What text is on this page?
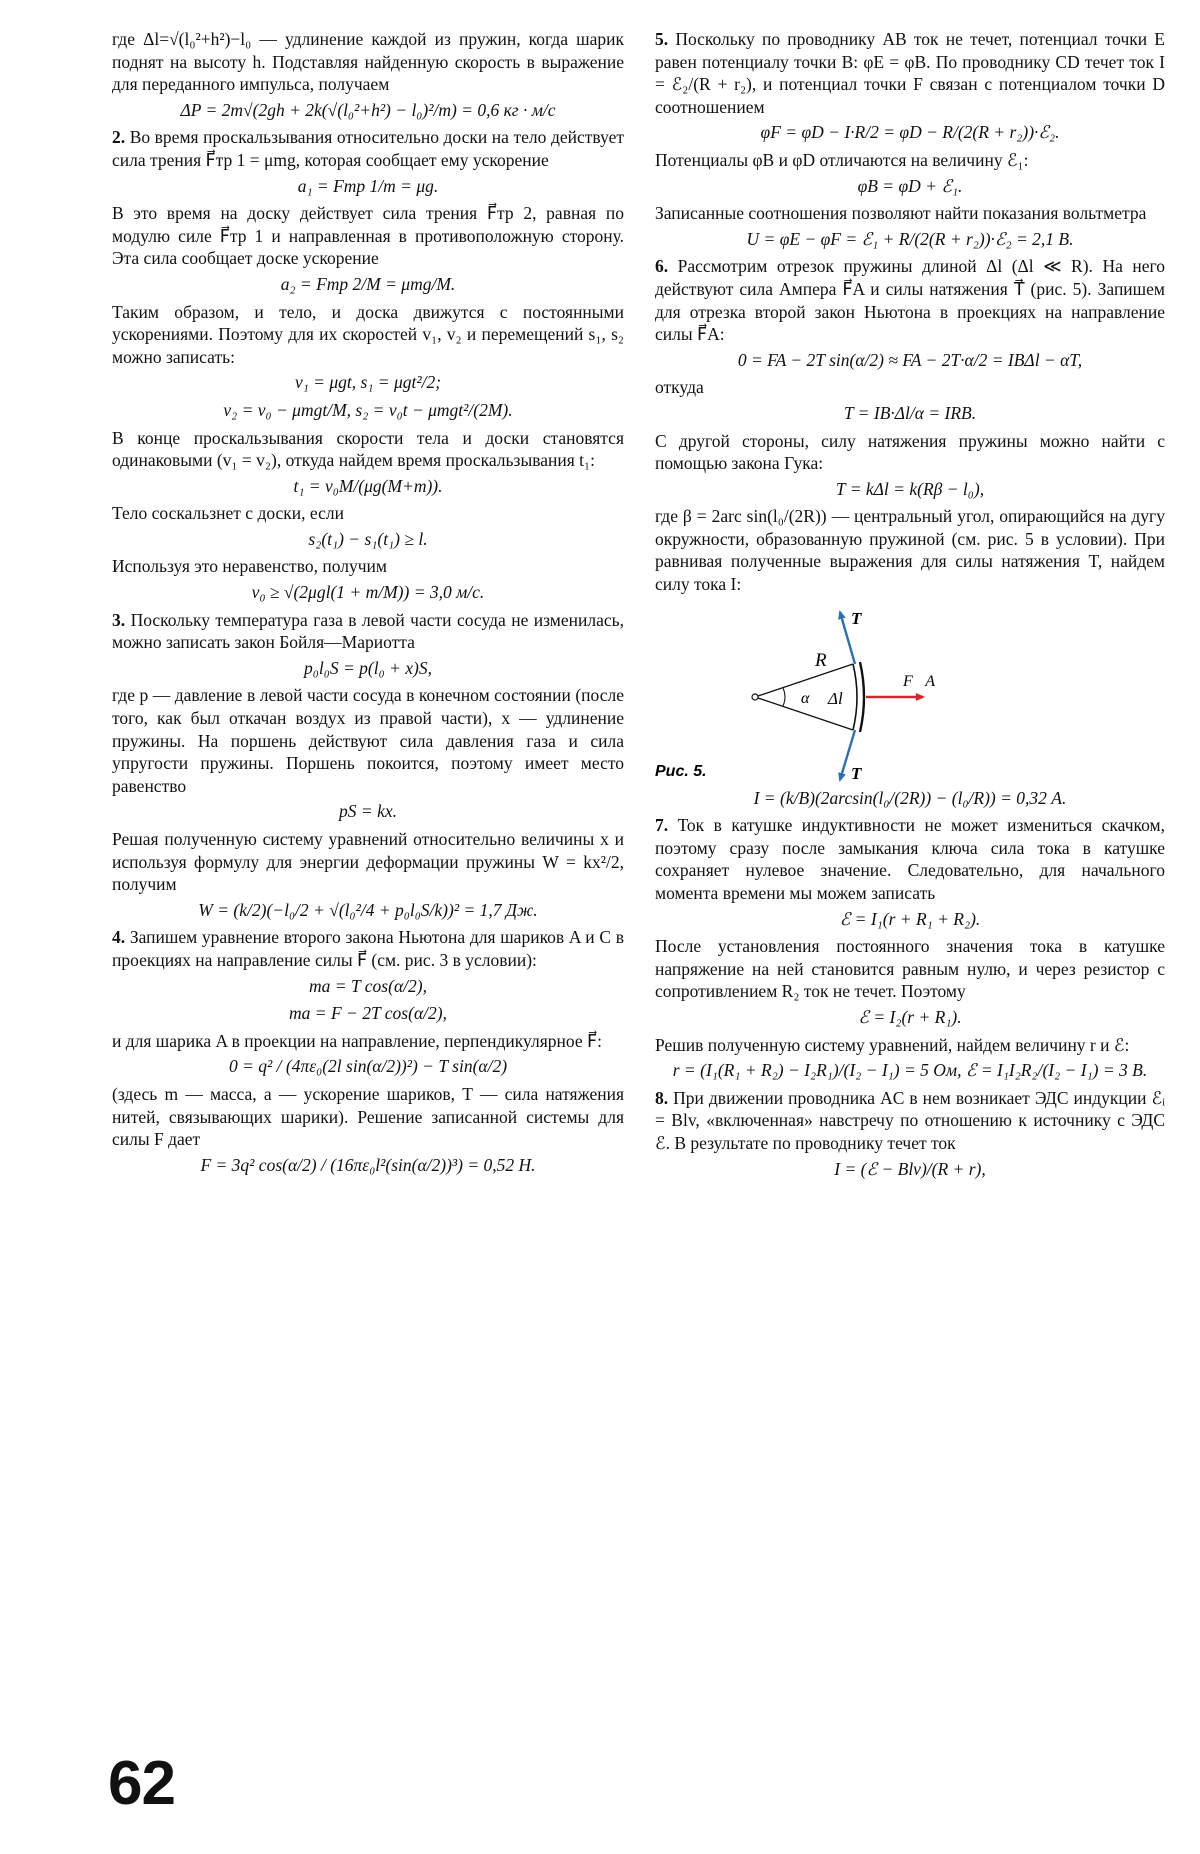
где Δl=√(l₀²+h²)−l₀ — удлинение каждой из пружин, когда шарик поднят на высоту h. Подставляя найденную скорость в выражение для переданного импульса, получаем

ΔP = 2m√(2gh + 2k(√(l₀²+h²) − l₀)²/m) = 0,6 кг · м/с

2. Во время проскальзывания относительно доски на тело действует сила трения F⃗тр 1 = μmg, которая сообщает ему ускорение

a₁ = Fтр 1/m = μg.

В это время на доску действует сила трения F⃗тр 2, равная по модулю силе F⃗тр 1 и направленная в противоположную сторону. Эта сила сообщает доске ускорение

a₂ = Fтр 2/M = μmg/M.

Таким образом, и тело, и доска движутся с постоянными ускорениями. Поэтому для их скоростей v₁, v₂ и перемещений s₁, s₂ можно записать:

v₁ = μgt, s₁ = μgt²/2;

v₂ = v₀ − μmgt/M, s₂ = v₀t − μmgt²/(2M).

В конце проскальзывания скорости тела и доски становятся одинаковыми (v₁ = v₂), откуда найдем время проскальзывания t₁:

t₁ = v₀M/(μg(M+m)).

Тело соскальзнет с доски, если

s₂(t₁) − s₁(t₁) ≥ l.

Используя это неравенство, получим

v₀ ≥ √(2μgl(1 + m/M)) = 3,0 м/с.

3. Поскольку температура газа в левой части сосуда не изменилась, можно записать закон Бойля—Мариотта

p₀l₀S = p(l₀ + x)S,

где p — давление в левой части сосуда в конечном состоянии (после того, как был откачан воздух из правой части), x — удлинение пружины. На поршень действуют сила давления газа и сила упругости пружины. Поршень покоится, поэтому имеет место равенство

pS = kx.

Решая полученную систему уравнений относительно величины x и используя формулу для энергии деформации пружины W = kx²/2, получим

W = (k/2)(−l₀/2 + √(l₀²/4 + p₀l₀S/k))² = 1,7 Дж.

4. Запишем уравнение второго закона Ньютона для шариков A и C в проекциях на направление силы F⃗ (см. рис. 3 в условии):

ma = T cos(α/2),

ma = F − 2T cos(α/2),

и для шарика A в проекции на направление, перпендикулярное F⃗:

0 = q² / (4πε₀(2l sin(α/2))²) − T sin(α/2)

(здесь m — масса, a — ускорение шариков, T — сила натяжения нитей, связывающих шарики). Решение записанной системы для силы F дает

F = 3q² cos(α/2) / (16πε₀l²(sin(α/2))³) = 0,52 Н.

5. Поскольку по проводнику AB ток не течет, потенциал точки E равен потенциалу точки B: φE = φB. По проводнику CD течет ток I = ℰ₂/(R + r₂), и потенциал точки F связан с потенциалом точки D соотношением

φF = φD − I·R/2 = φD − R/(2(R + r₂))·ℰ₂.

Потенциалы φB и φD отличаются на величину ℰ₁:

φB = φD + ℰ₁.

Записанные соотношения позволяют найти показания вольтметра

U = φE − φF = ℰ₁ + R/(2(R + r₂))·ℰ₂ = 2,1 В.

6. Рассмотрим отрезок пружины длиной Δl (Δl ≪ R). На него действуют сила Ампера F⃗A и силы натяжения T⃗ (рис. 5). Запишем для отрезка второй закон Ньютона в проекциях на направление силы F⃗A:

0 = FA − 2T sin(α/2) ≈ FA − 2T·α/2 = IBΔl − αT,

откуда

T = IB·Δl/α = IRB.

С другой стороны, силу натяжения пружины можно найти с помощью закона Гука:

T = kΔl = k(Rβ − l₀),

где β = 2arc sin(l₀/(2R)) — центральный угол, опирающийся на дугу окружности, образованную пружиной (см. рис. 5 в условии). При равнивая полученные выражения для силы натяжения T, найдем силу тока I:

Рис. 5.
R
α Δl
T⃗
T⃗
F⃗A

I = (k/B)(2arcsin(l₀/(2R)) − (l₀/R)) = 0,32 А.

7. Ток в катушке индуктивности не может измениться скачком, поэтому сразу после замыкания ключа сила тока в катушке сохраняет нулевое значение. Следовательно, для начального момента времени мы можем записать

ℰ = I₁(r + R₁ + R₂).

После установления постоянного значения тока в катушке напряжение на ней становится равным нулю, и через резистор с сопротивлением R₂ ток не течет. Поэтому

ℰ = I₂(r + R₁).

Решив полученную систему уравнений, найдем величину r и ℰ:

r = (I₁(R₁ + R₂) − I₂R₁)/(I₂ − I₁) = 5 Ом, ℰ = I₁I₂R₂/(I₂ − I₁) = 3 В.

8. При движении проводника AC в нем возникает ЭДС индукции ℰᵢ = Blv, «включенная» навстречу по отношению к источнику с ЭДС ℰ. В результате по проводнику течет ток

I = (ℰ − Blv)/(R + r),

62
